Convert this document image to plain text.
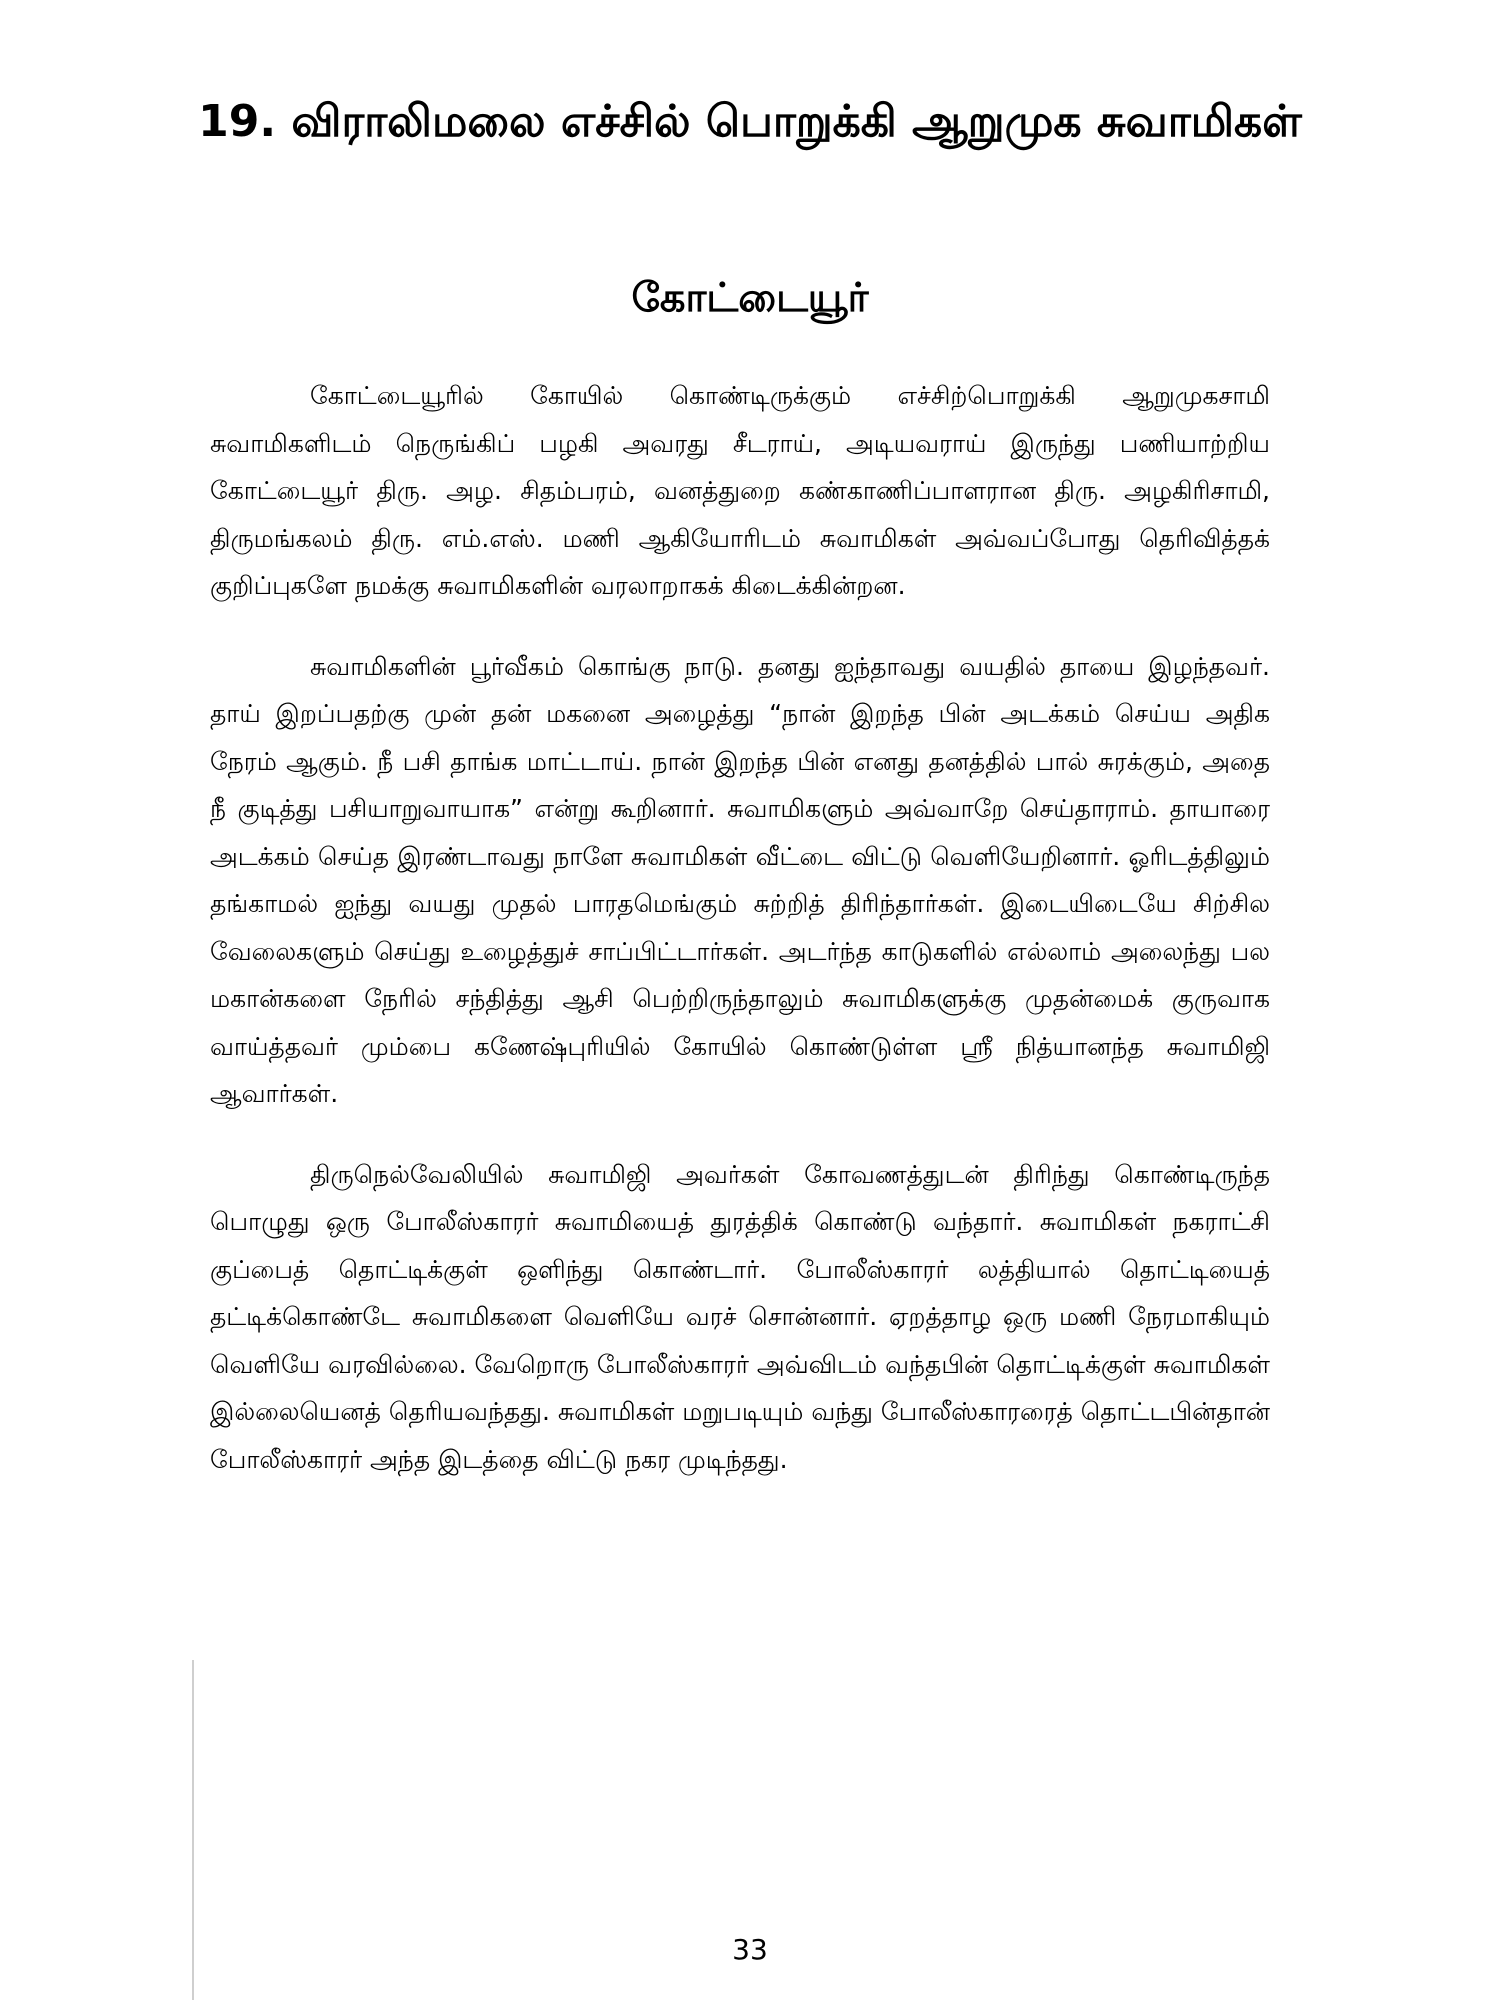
19. விராலிமலை எச்சில் பொறுக்கி ஆறுமுக சுவாமிகள்
கோட்டையூர்

கோட்டையூரில் கோயில் கொண்டிருக்கும் எச்சிற்பொறுக்கி ஆறுமுகசாமி சுவாமிகளிடம் நெருங்கிப் பழகி அவரது சீடராய், அடியவராய் இருந்து பணியாற்றிய கோட்டையூர் திரு. அழ. சிதம்பரம், வனத்துறை கண்காணிப்பாளரான திரு. அழகிரிசாமி, திருமங்கலம் திரு. எம்.எஸ். மணி ஆகியோரிடம் சுவாமிகள் அவ்வப்போது தெரிவித்தக் குறிப்புகளே நமக்கு சுவாமிகளின் வரலாறாகக் கிடைக்கின்றன.

சுவாமிகளின் பூர்வீகம் கொங்கு நாடு. தனது ஐந்தாவது வயதில் தாயை இழந்தவர். தாய் இறப்பதற்கு முன் தன் மகனை அழைத்து “நான் இறந்த பின் அடக்கம் செய்ய அதிக நேரம் ஆகும். நீ பசி தாங்க மாட்டாய். நான் இறந்த பின் எனது தனத்தில் பால் சுரக்கும், அதை நீ குடித்து பசியாறுவாயாக” என்று கூறினார். சுவாமிகளும் அவ்வாறே செய்தாராம். தாயாரை அடக்கம் செய்த இரண்டாவது நாளே சுவாமிகள் வீட்டை விட்டு வெளியேறினார். ஓரிடத்திலும் தங்காமல் ஐந்து வயது முதல் பாரதமெங்கும் சுற்றித் திரிந்தார்கள். இடையிடையே சிற்சில வேலைகளும் செய்து உழைத்துச் சாப்பிட்டார்கள். அடர்ந்த காடுகளில் எல்லாம் அலைந்து பல மகான்களை நேரில் சந்தித்து ஆசி பெற்றிருந்தாலும் சுவாமிகளுக்கு முதன்மைக் குருவாக வாய்த்தவர் மும்பை கணேஷ்புரியில் கோயில் கொண்டுள்ள ஸ்ரீ நித்யானந்த சுவாமிஜி ஆவார்கள்.

திருநெல்வேலியில் சுவாமிஜி அவர்கள் கோவணத்துடன் திரிந்து கொண்டிருந்த பொழுது ஒரு போலீஸ்காரர் சுவாமியைத் துரத்திக் கொண்டு வந்தார். சுவாமிகள் நகராட்சி குப்பைத் தொட்டிக்குள் ஒளிந்து கொண்டார். போலீஸ்காரர் லத்தியால் தொட்டியைத் தட்டிக்கொண்டே சுவாமிகளை வெளியே வரச் சொன்னார். ஏறத்தாழ ஒரு மணி நேரமாகியும் வெளியே வரவில்லை. வேறொரு போலீஸ்காரர் அவ்விடம் வந்தபின் தொட்டிக்குள் சுவாமிகள் இல்லையெனத் தெரியவந்தது. சுவாமிகள் மறுபடியும் வந்து போலீஸ்காரரைத் தொட்டபின்தான் போலீஸ்காரர் அந்த இடத்தை விட்டு நகர முடிந்தது.

33
